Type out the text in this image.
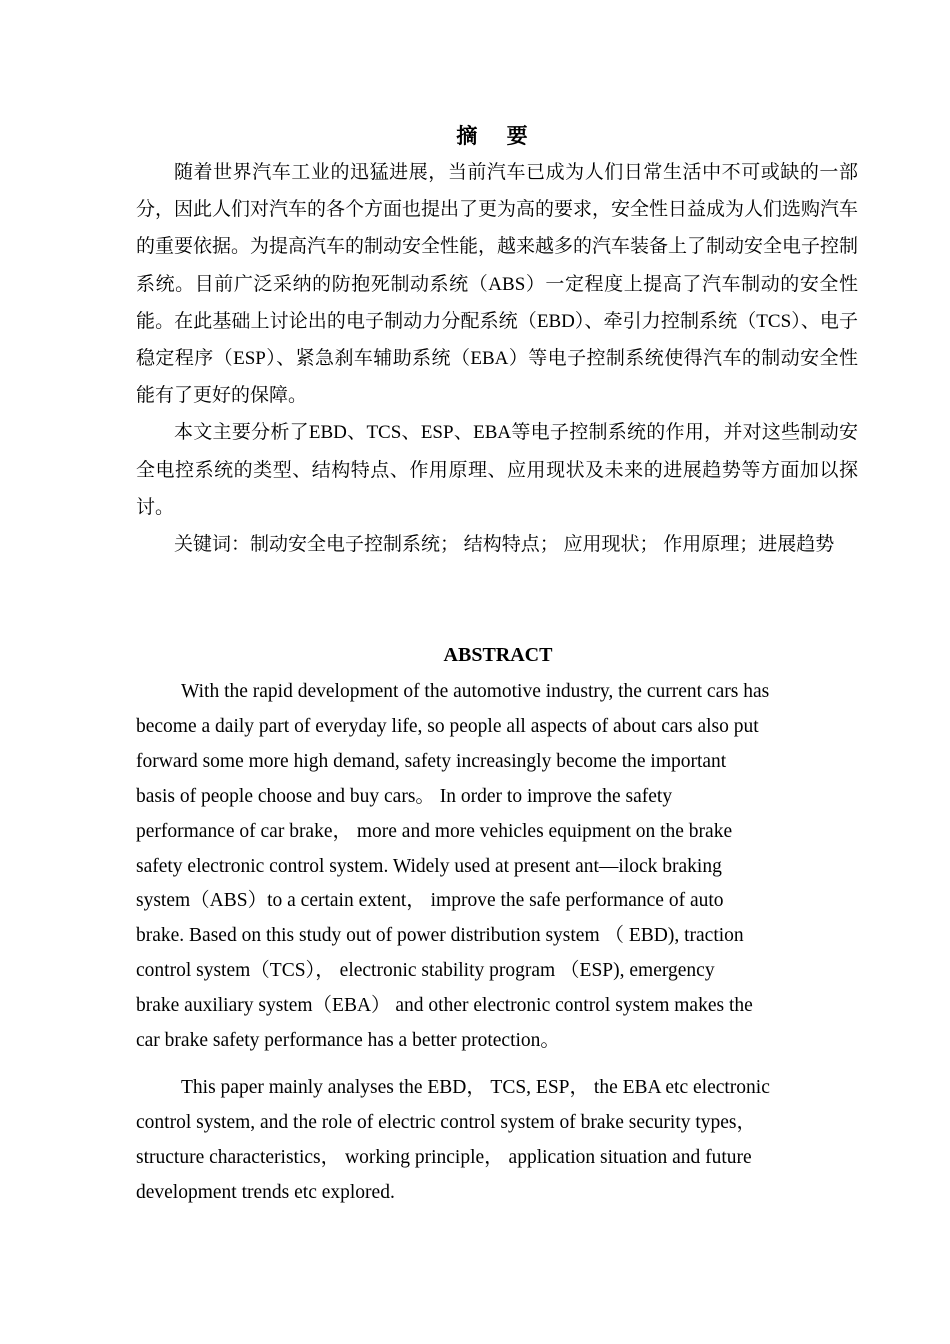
摘 要

随着世界汽车工业的迅猛进展，当前汽车已成为人们日常生活中不可或缺的一部分，因此人们对汽车的各个方面也提出了更为高的要求，安全性日益成为人们选购汽车的重要依据。为提高汽车的制动安全性能，越来越多的汽车装备上了制动安全电子控制系统。目前广泛采纳的防抱死制动系统（ABS）一定程度上提高了汽车制动的安全性能。在此基础上讨论出的电子制动力分配系统（EBD）、牵引力控制系统（TCS）、电子稳定程序（ESP）、紧急刹车辅助系统（EBA）等电子控制系统使得汽车的制动安全性能有了更好的保障。

本文主要分析了EBD、TCS、ESP、EBA等电子控制系统的作用，并对这些制动安全电控系统的类型、结构特点、作用原理、应用现状及未来的进展趋势等方面加以探讨。

关键词：制动安全电子控制系统； 结构特点； 应用现状； 作用原理；进展趋势

ABSTRACT

With the rapid development of the automotive industry, the current cars has
become a daily part of everyday life, so people all aspects of about cars also put
forward some more high demand, safety increasingly become the important
basis of people choose and buy cars。 In order to improve the safety
performance of car brake， more and more vehicles equipment on the brake
safety electronic control system. Widely used at present ant—ilock braking
system（ABS）to a certain extent， improve the safe performance of auto
brake. Based on this study out of power distribution system （ EBD), traction
control system（TCS）， electronic stability program （ESP), emergency
brake auxiliary system（EBA） and other electronic control system makes the
car brake safety performance has a better protection。

This paper mainly analyses the EBD， TCS, ESP， the EBA etc electronic
control system, and the role of electric control system of brake security types，
structure characteristics， working principle， application situation and future
development trends etc explored.
